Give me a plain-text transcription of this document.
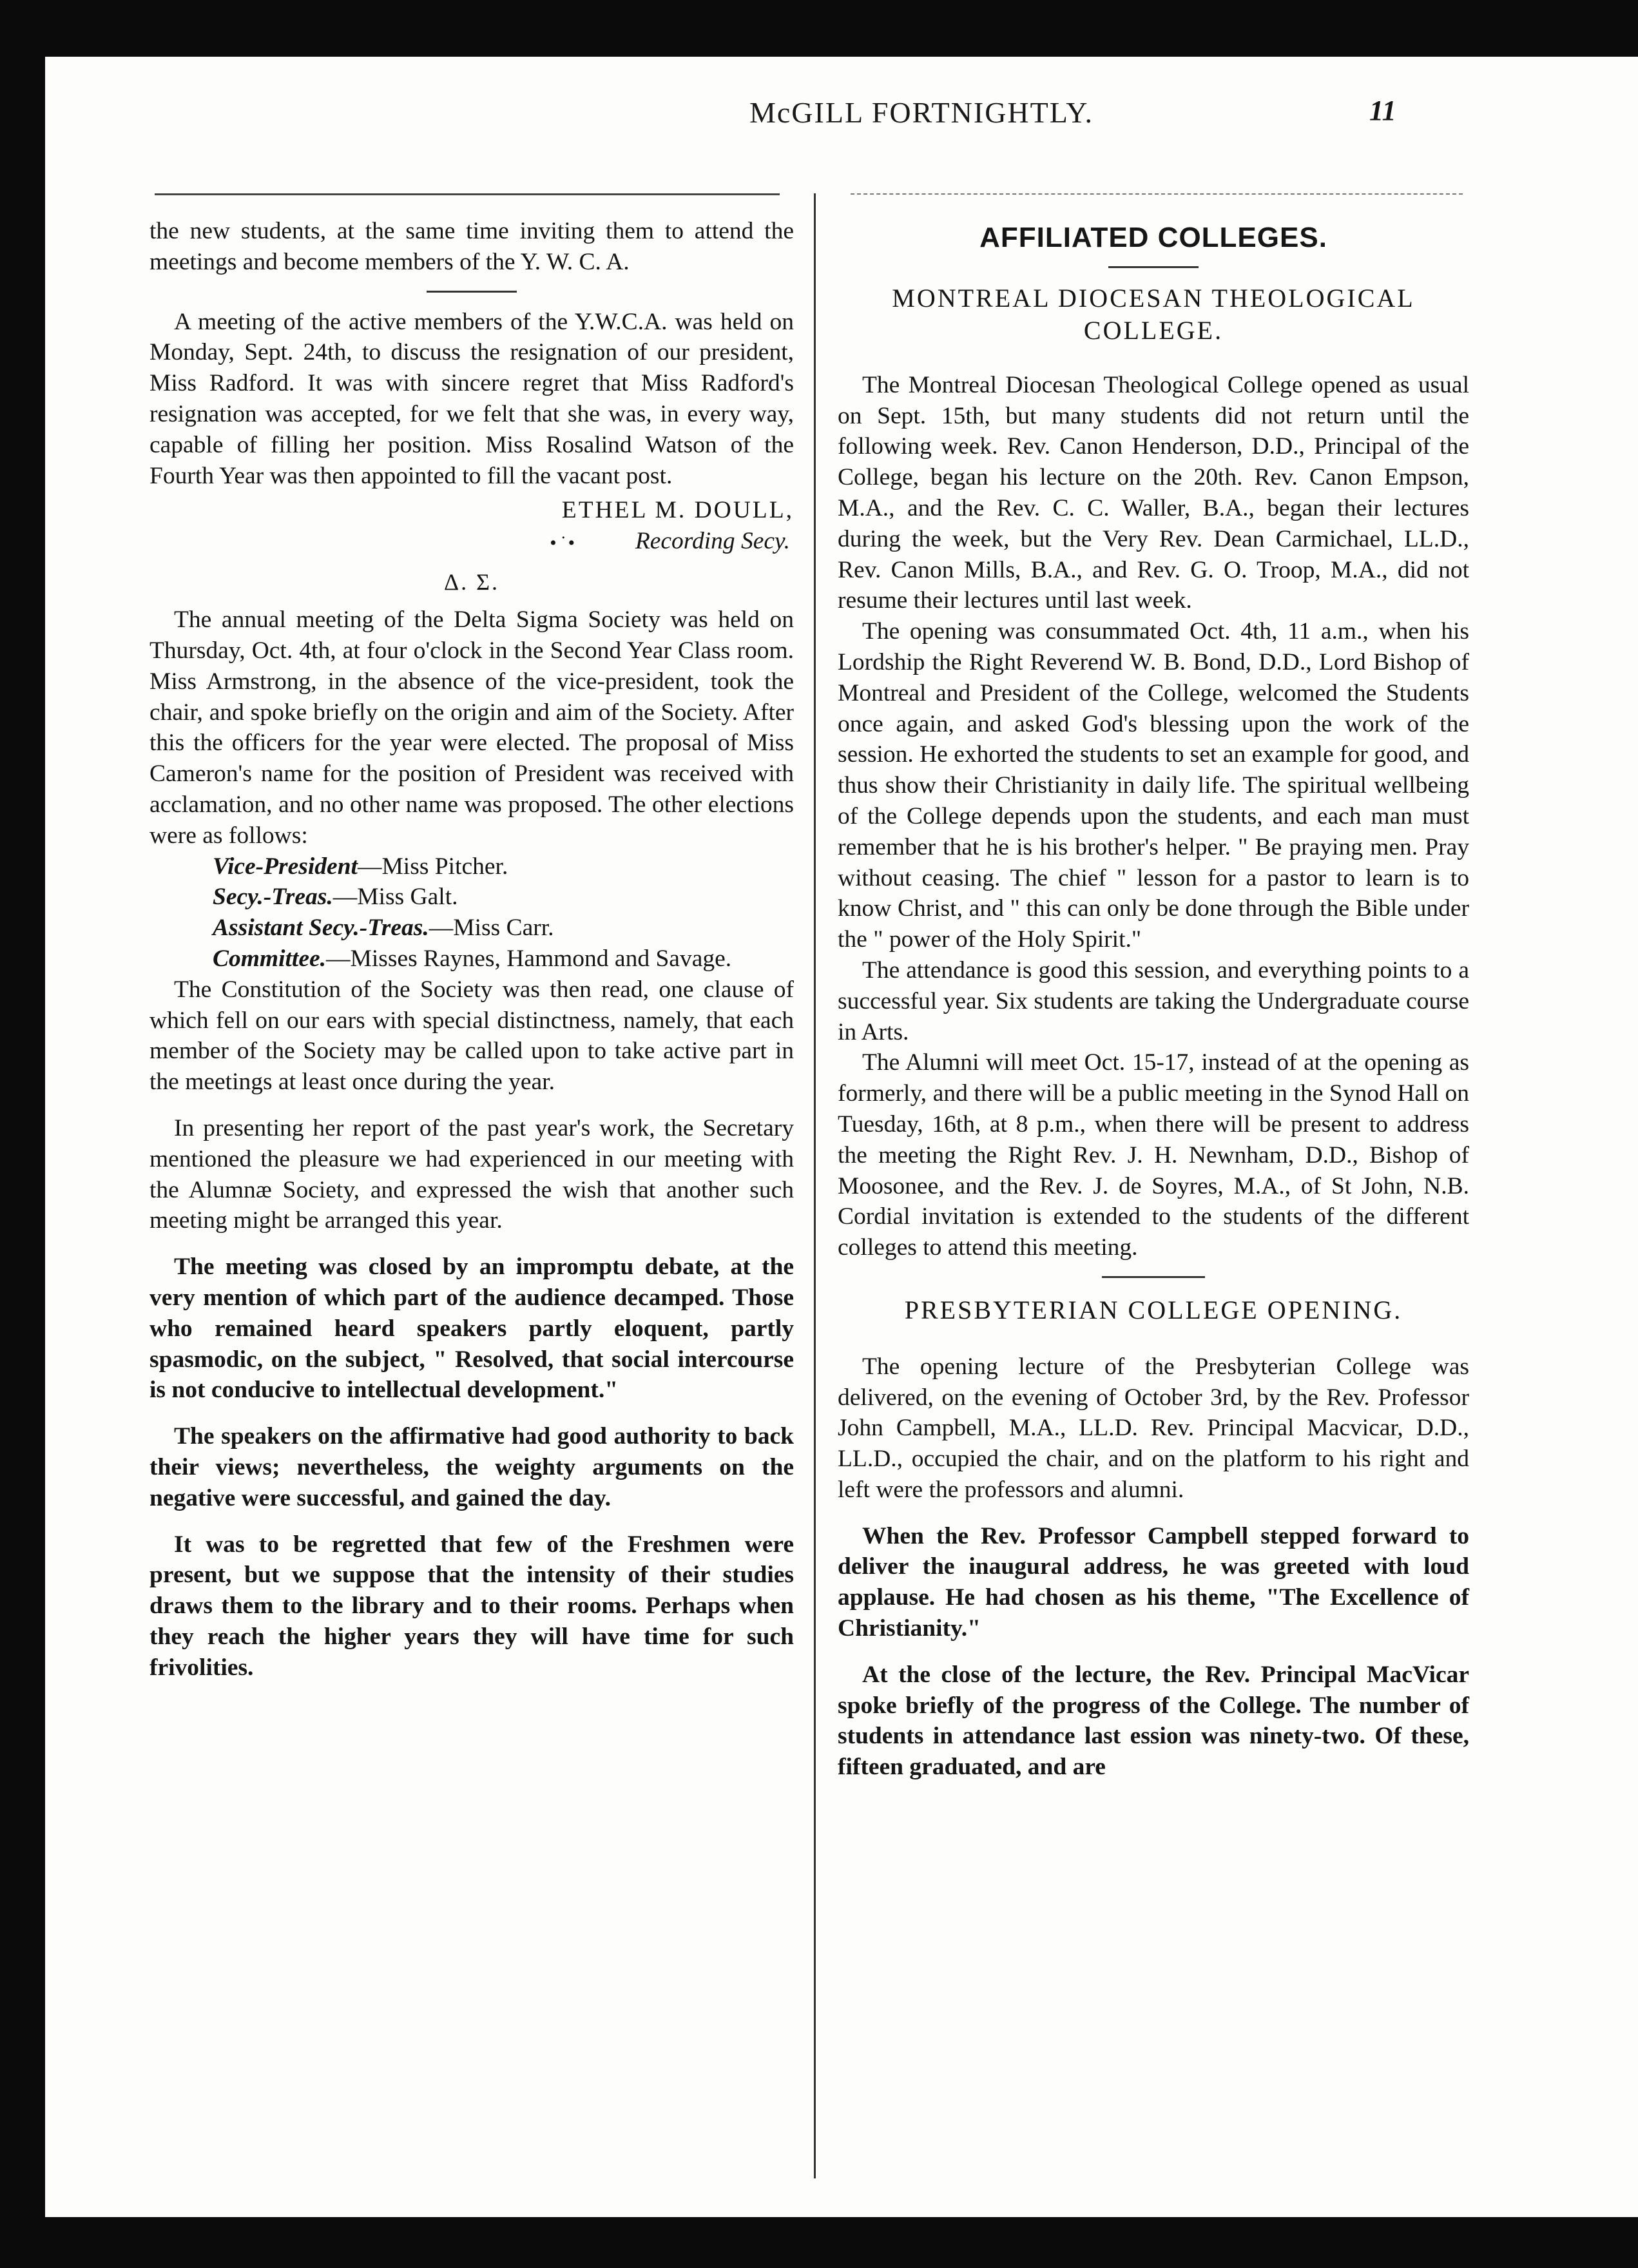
McGILL FORTNIGHTLY.	11

the new students, at the same time inviting them to attend the meetings and become members of the Y. W. C. A.

A meeting of the active members of the Y.W.C.A. was held on Monday, Sept. 24th, to discuss the resignation of our president, Miss Radford. It was with sincere regret that Miss Radford's resignation was accepted, for we felt that she was, in every way, capable of filling her position. Miss Rosalind Watson of the Fourth Year was then appointed to fill the vacant post.

ETHEL M. DOULL,
•˙• Recording Secy.
Δ. Σ.

The annual meeting of the Delta Sigma Society was held on Thursday, Oct. 4th, at four o'clock in the Second Year Class room. Miss Armstrong, in the absence of the vice-president, took the chair, and spoke briefly on the origin and aim of the Society. After this the officers for the year were elected. The proposal of Miss Cameron's name for the position of President was received with acclamation, and no other name was proposed. The other elections were as follows:

Vice-President—Miss Pitcher.

Secy.-Treas.—Miss Galt.

Assistant Secy.-Treas.—Miss Carr.

Committee.—Misses Raynes, Hammond and Savage.

The Constitution of the Society was then read, one clause of which fell on our ears with special distinctness, namely, that each member of the Society may be called upon to take active part in the meetings at least once during the year.

In presenting her report of the past year's work, the Secretary mentioned the pleasure we had experienced in our meeting with the Alumnæ Society, and expressed the wish that another such meeting might be arranged this year.

The meeting was closed by an impromptu debate, at the very mention of which part of the audience decamped. Those who remained heard speakers partly eloquent, partly spasmodic, on the subject, " Resolved, that social intercourse is not conducive to intellectual development."

The speakers on the affirmative had good authority to back their views; nevertheless, the weighty arguments on the negative were successful, and gained the day.

It was to be regretted that few of the Freshmen were present, but we suppose that the intensity of their studies draws them to the library and to their rooms. Perhaps when they reach the higher years they will have time for such frivolities.

AFFILIATED COLLEGES.
MONTREAL DIOCESAN THEOLOGICAL COLLEGE.

The Montreal Diocesan Theological College opened as usual on Sept. 15th, but many students did not return until the following week. Rev. Canon Henderson, D.D., Principal of the College, began his lecture on the 20th. Rev. Canon Empson, M.A., and the Rev. C. C. Waller, B.A., began their lectures during the week, but the Very Rev. Dean Carmichael, LL.D., Rev. Canon Mills, B.A., and Rev. G. O. Troop, M.A., did not resume their lectures until last week.

The opening was consummated Oct. 4th, 11 a.m., when his Lordship the Right Reverend W. B. Bond, D.D., Lord Bishop of Montreal and President of the College, welcomed the Students once again, and asked God's blessing upon the work of the session. He exhorted the students to set an example for good, and thus show their Christianity in daily life. The spiritual wellbeing of the College depends upon the students, and each man must remember that he is his brother's helper. " Be praying men. Pray without ceasing. The chief " lesson for a pastor to learn is to know Christ, and " this can only be done through the Bible under the " power of the Holy Spirit."

The attendance is good this session, and everything points to a successful year. Six students are taking the Undergraduate course in Arts.

The Alumni will meet Oct. 15-17, instead of at the opening as formerly, and there will be a public meeting in the Synod Hall on Tuesday, 16th, at 8 p.m., when there will be present to address the meeting the Right Rev. J. H. Newnham, D.D., Bishop of Moosonee, and the Rev. J. de Soyres, M.A., of St John, N.B. Cordial invitation is extended to the students of the different colleges to attend this meeting.

PRESBYTERIAN COLLEGE OPENING.

The opening lecture of the Presbyterian College was delivered, on the evening of October 3rd, by the Rev. Professor John Campbell, M.A., LL.D. Rev. Principal Macvicar, D.D., LL.D., occupied the chair, and on the platform to his right and left were the professors and alumni.

When the Rev. Professor Campbell stepped forward to deliver the inaugural address, he was greeted with loud applause. He had chosen as his theme, "The Excellence of Christianity."

At the close of the lecture, the Rev. Principal MacVicar spoke briefly of the progress of the College. The number of students in attendance last ession was ninety-two. Of these, fifteen graduated, and are
